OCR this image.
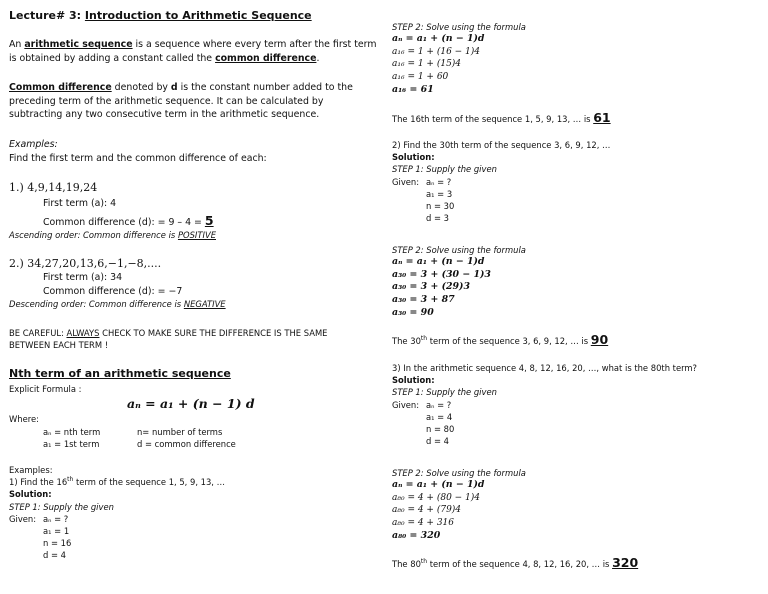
Lecture# 3: Introduction to Arithmetic Sequence
An arithmetic sequence is a sequence where every term after the first term
is obtained by adding a constant called the common difference.
Common difference denoted by d is the constant number added to the
preceding term of the arithmetic sequence. It can be calculated by
subtracting any two consecutive term in the arithmetic sequence.
Examples:
Find the first term and the common difference of each:
1.) 4,9,14,19,24
First term (a): 4
Common difference (d): = 9 – 4 = 5
Ascending order: Common difference is POSITIVE
2.) 34,27,20,13,6,−1,−8,....
First term (a): 34
Common difference (d): = −7
Descending order: Common difference is NEGATIVE
BE CAREFUL: ALWAYS CHECK TO MAKE SURE THE DIFFERENCE IS THE SAME
BETWEEN EACH TERM !
Nth term of an arithmetic sequence
Explicit Formula :
aₙ = a₁ + (n − 1) d
Where:
aₙ = nth term	n= number of terms
a₁ = 1st term	d = common difference
Examples:
1) Find the 16th term of the sequence 1, 5, 9, 13, …
Solution:
STEP 1: Supply the given
Given: aₙ = ?
a₁ = 1
n = 16
d = 4
STEP 2: Solve using the formula
aₙ = a₁ + (n − 1)d
a₁₆ = 1 + (16 − 1)4
a₁₆ = 1 + (15)4
a₁₆ = 1 + 60
a₁₆ = 61
The 16th term of the sequence 1, 5, 9, 13, … is 61
2) Find the 30th term of the sequence 3, 6, 9, 12, …
Solution:
STEP 1: Supply the given
Given: aₙ = ?
a₁ = 3
n = 30
d = 3
STEP 2: Solve using the formula
aₙ = a₁ + (n − 1)d
a₃₀ = 3 + (30 − 1)3
a₃₀ = 3 + (29)3
a₃₀ = 3 + 87
a₃₀ = 90
The 30th term of the sequence 3, 6, 9, 12, … is 90
3) In the arithmetic sequence 4, 8, 12, 16, 20, …, what is the 80th term?
Solution:
STEP 1: Supply the given
Given: aₙ = ?
a₁ = 4
n = 80
d = 4
STEP 2: Solve using the formula
aₙ = a₁ + (n − 1)d
a₈₀ = 4 + (80 − 1)4
a₈₀ = 4 + (79)4
a₈₀ = 4 + 316
a₈₀ = 320
The 80th term of the sequence 4, 8, 12, 16, 20, … is 320
